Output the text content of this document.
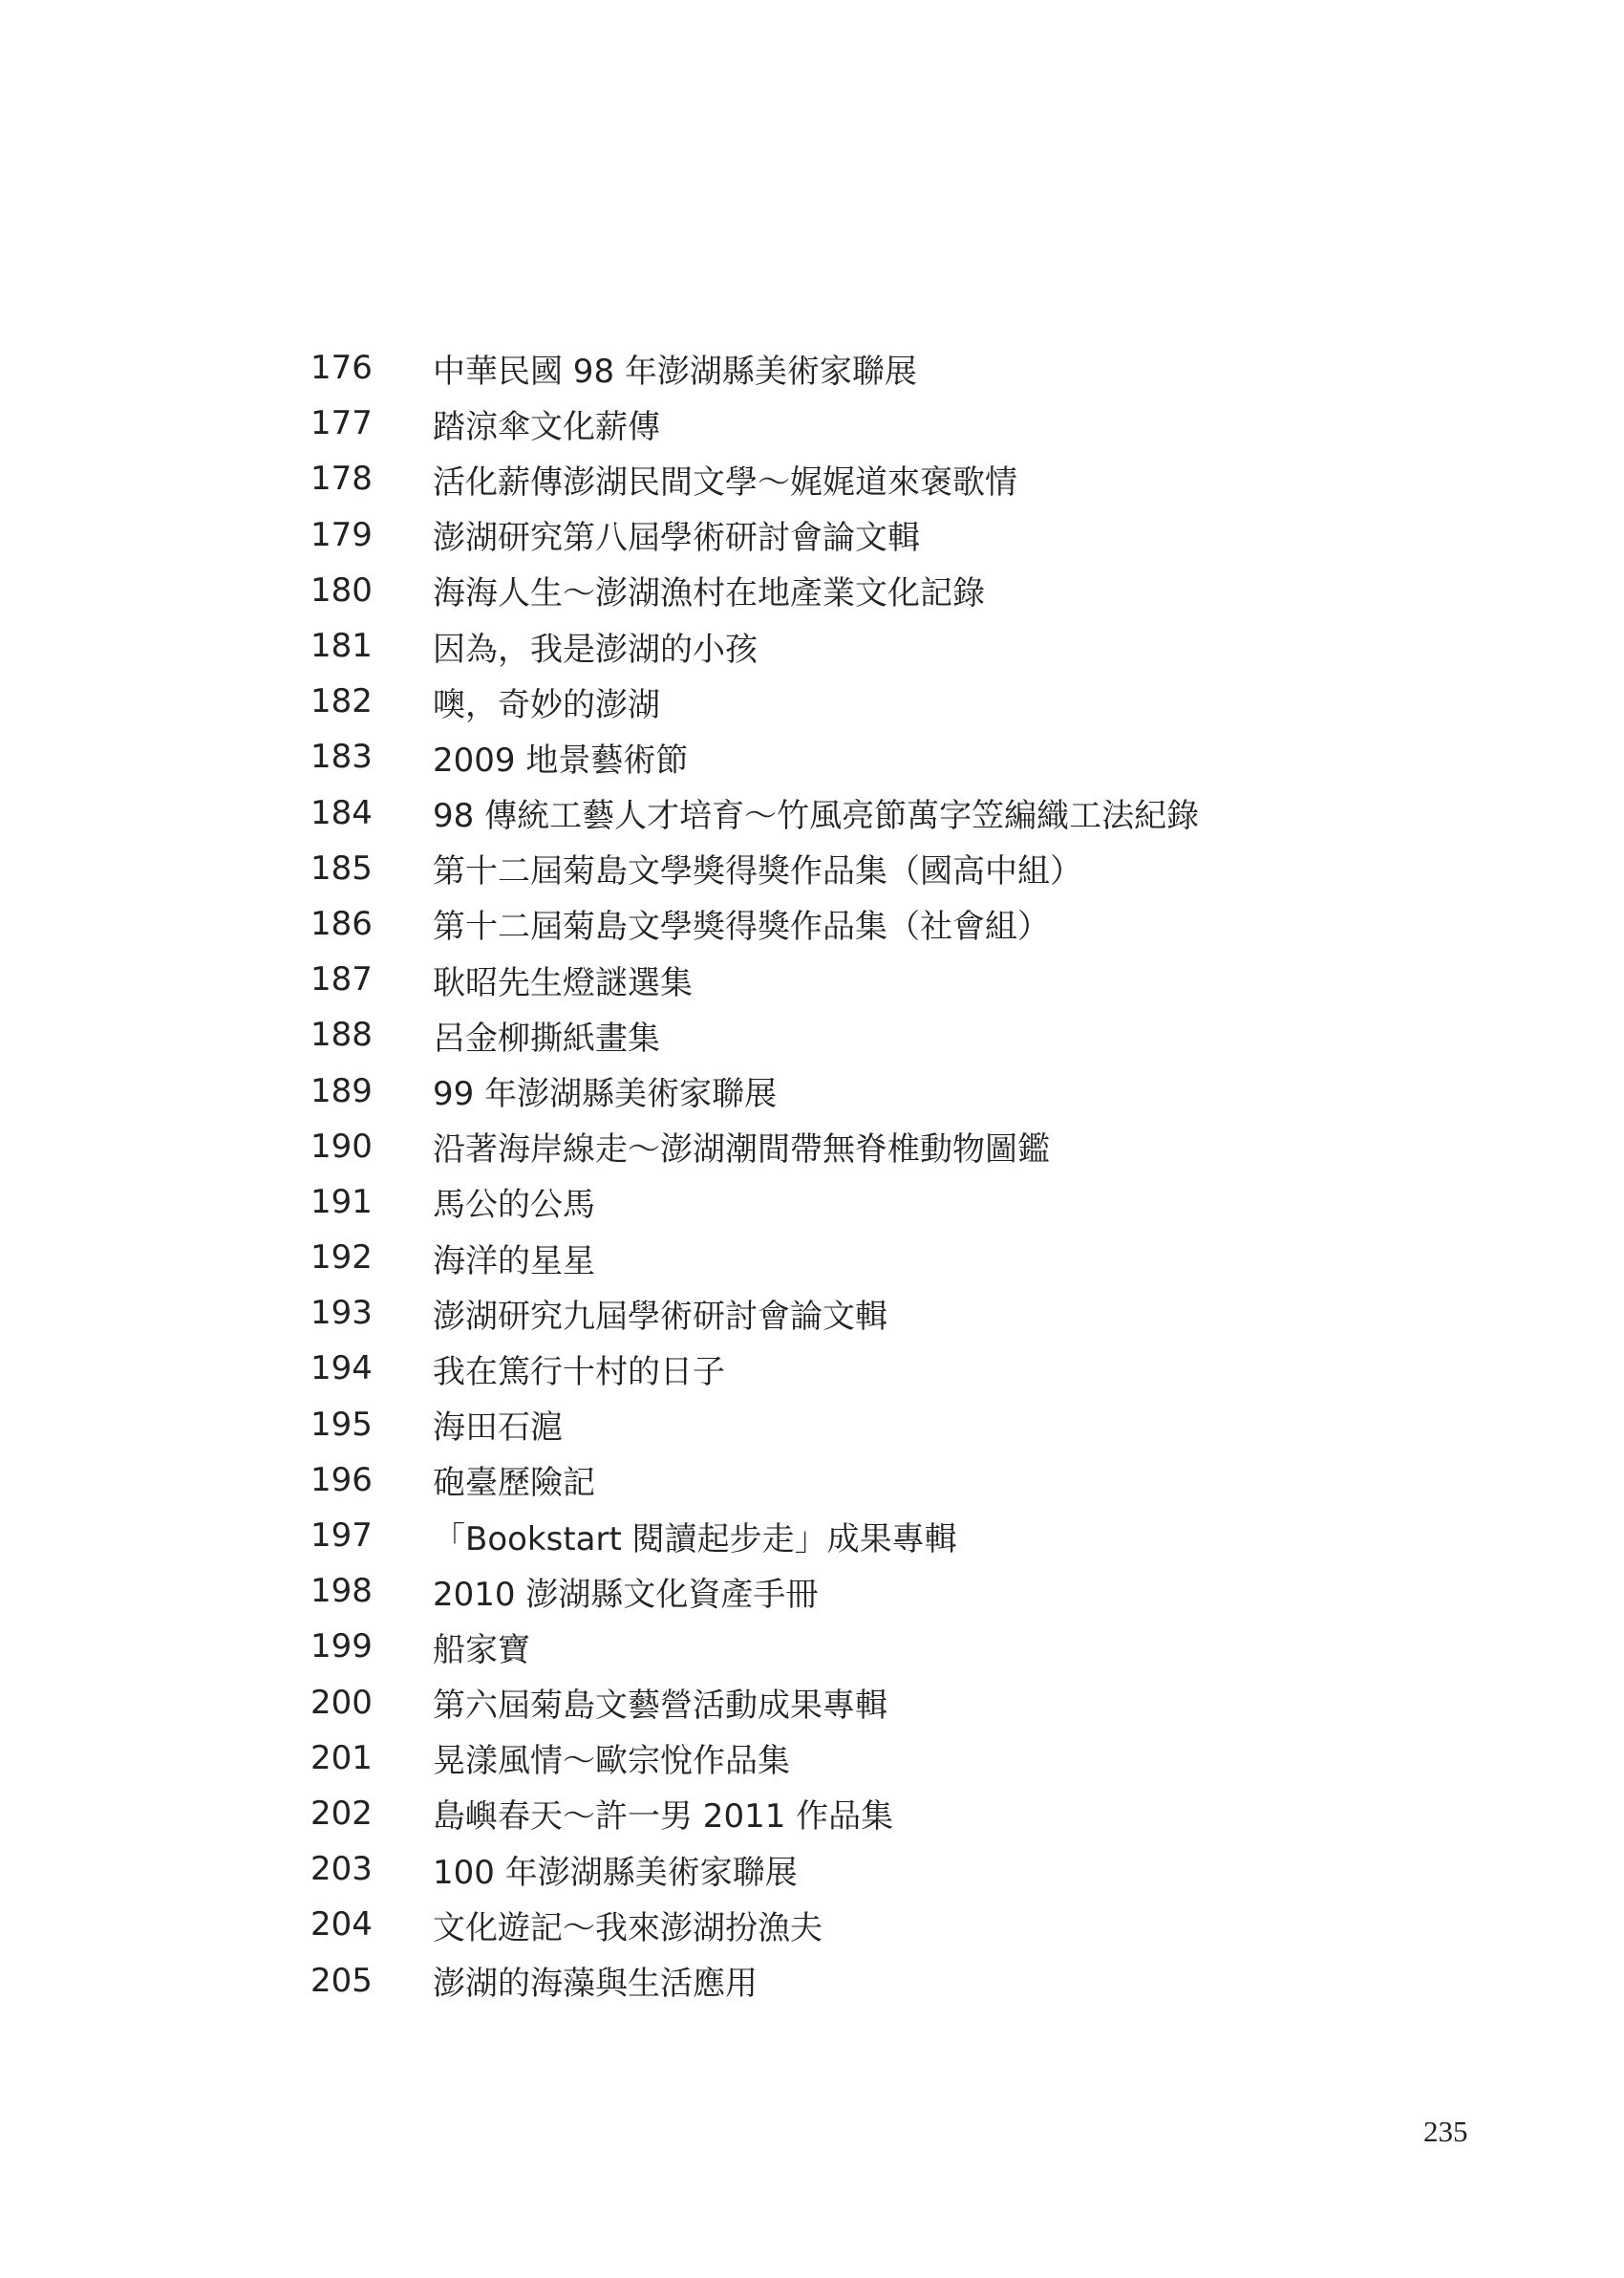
176	中華民國 98 年澎湖縣美術家聯展
177	踏涼傘文化薪傳
178	活化薪傳澎湖民間文學～娓娓道來褒歌情
179	澎湖研究第八屆學術研討會論文輯
180	海海人生～澎湖漁村在地產業文化記錄
181	因為，我是澎湖的小孩
182	噢，奇妙的澎湖
183	2009 地景藝術節
184	98 傳統工藝人才培育～竹風亮節萬字笠編織工法紀錄
185	第十二屆菊島文學獎得獎作品集（國高中組）
186	第十二屆菊島文學獎得獎作品集（社會組）
187	耿昭先生燈謎選集
188	呂金柳撕紙畫集
189	99 年澎湖縣美術家聯展
190	沿著海岸線走～澎湖潮間帶無脊椎動物圖鑑
191	馬公的公馬
192	海洋的星星
193	澎湖研究九屆學術研討會論文輯
194	我在篤行十村的日子
195	海田石滬
196	砲臺歷險記
197	「Bookstart 閱讀起步走」成果專輯
198	2010 澎湖縣文化資產手冊
199	船家寶
200	第六屆菊島文藝營活動成果專輯
201	晃漾風情～歐宗悅作品集
202	島嶼春天～許一男 2011 作品集
203	100 年澎湖縣美術家聯展
204	文化遊記～我來澎湖扮漁夫
205	澎湖的海藻與生活應用
235
